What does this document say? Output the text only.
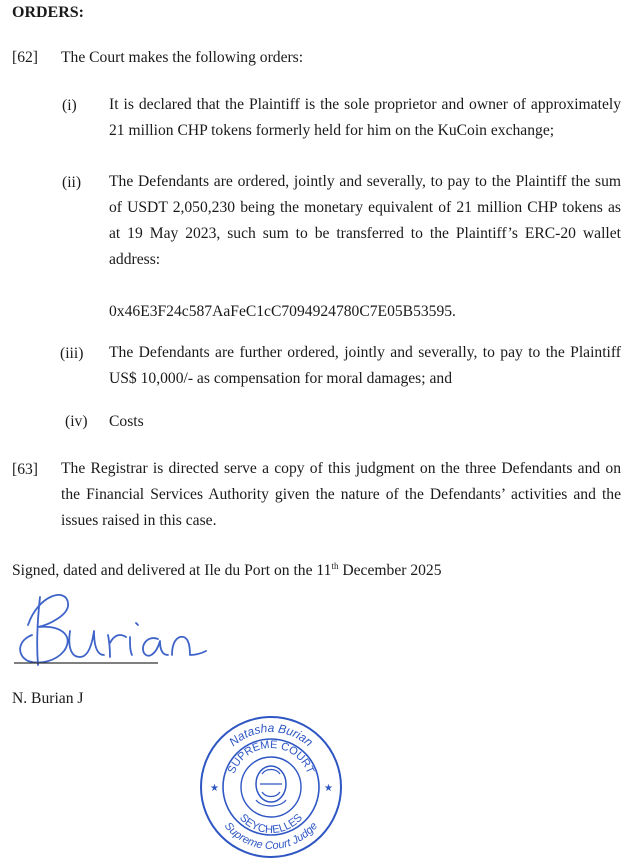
ORDERS:
[62] The Court makes the following orders:
(i) It is declared that the Plaintiff is the sole proprietor and owner of approximately
21 million CHP tokens formerly held for him on the KuCoin exchange;
(ii) The Defendants are ordered, jointly and severally, to pay to the Plaintiff the sum
of USDT 2,050,230 being the monetary equivalent of 21 million CHP tokens as
at 19 May 2023, such sum to be transferred to the Plaintiff’s ERC-20 wallet
address:
0x46E3F24c587AaFeC1cC7094924780C7E05B53595.
(iii) The Defendants are further ordered, jointly and severally, to pay to the Plaintiff
US$ 10,000/- as compensation for moral damages; and
(iv) Costs
[63] The Registrar is directed serve a copy of this judgment on the three Defendants and on
the Financial Services Authority given the nature of the Defendants’ activities and the
issues raised in this case.
Signed, dated and delivered at Ile du Port on the 11th December 2025
N. Burian J
Natasha Burian
SUPREME COURT
SEYCHELLES
Supreme Court Judge
★	★
